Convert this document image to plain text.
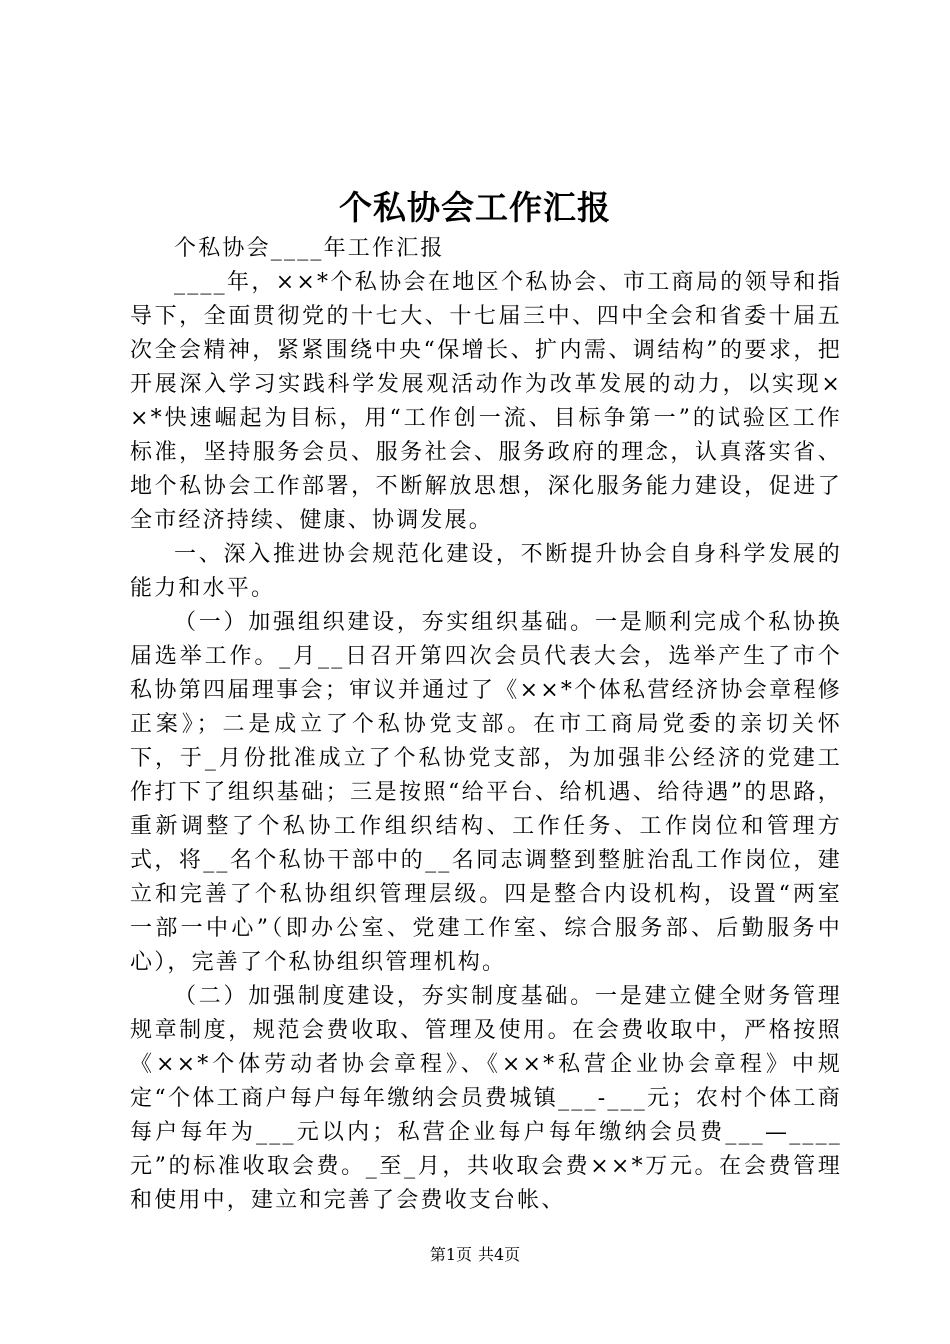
个私协会工作汇报

个私协会____年工作汇报

____年，××*个私协会在地区个私协会、市工商局的领导和指导下，全面贯彻党的十七大、十七届三中、四中全会和省委十届五次全会精神，紧紧围绕中央“保增长、扩内需、调结构”的要求，把开展深入学习实践科学发展观活动作为改革发展的动力，以实现××*快速崛起为目标，用“工作创一流、目标争第一”的试验区工作标准，坚持服务会员、服务社会、服务政府的理念，认真落实省、地个私协会工作部署，不断解放思想，深化服务能力建设，促进了全市经济持续、健康、协调发展。

一、深入推进协会规范化建设，不断提升协会自身科学发展的能力和水平。

（一）加强组织建设，夯实组织基础。一是顺利完成个私协换届选举工作。_月__日召开第四次会员代表大会，选举产生了市个私协第四届理事会；审议并通过了《××*个体私营经济协会章程修正案》；二是成立了个私协党支部。在市工商局党委的亲切关怀下，于_月份批准成立了个私协党支部，为加强非公经济的党建工作打下了组织基础；三是按照“给平台、给机遇、给待遇”的思路，重新调整了个私协工作组织结构、工作任务、工作岗位和管理方式，将__名个私协干部中的__名同志调整到整脏治乱工作岗位，建立和完善了个私协组织管理层级。四是整合内设机构，设置“两室一部一中心”（即办公室、党建工作室、综合服务部、后勤服务中心），完善了个私协组织管理机构。

（二）加强制度建设，夯实制度基础。一是建立健全财务管理规章制度，规范会费收取、管理及使用。在会费收取中，严格按照《××*个体劳动者协会章程》、《××*私营企业协会章程》中规定“个体工商户每户每年缴纳会员费城镇___-___元；农村个体工商每户每年为___元以内；私营企业每户每年缴纳会员费___—____元”的标准收取会费。_至_月，共收取会费××*万元。在会费管理和使用中，建立和完善了会费收支台帐、

第1页 共4页
